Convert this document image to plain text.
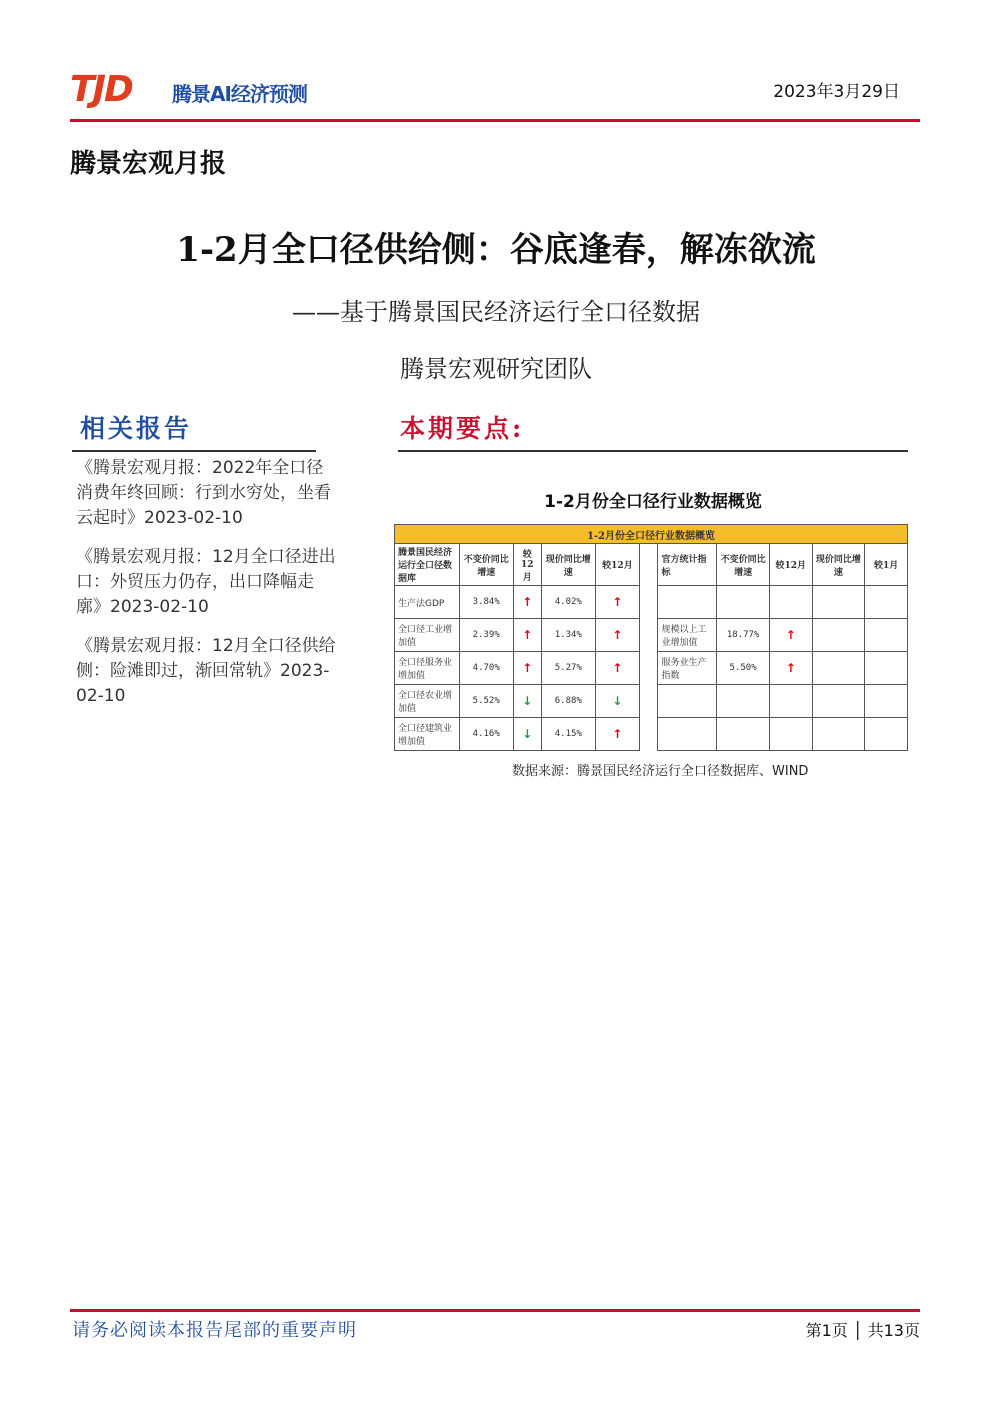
TJD 腾景AI经济预测	2023年3月29日
腾景宏观月报
1-2月全口径供给侧：谷底逢春，解冻欲流
——基于腾景国民经济运行全口径数据
腾景宏观研究团队
相关报告
《腾景宏观月报：2022年全口径消费年终回顾：行到水穷处，坐看云起时》2023-02-10
《腾景宏观月报：12月全口径进出口：外贸压力仍存，出口降幅走廓》2023-02-10
《腾景宏观月报：12月全口径供给侧：险滩即过，渐回常轨》2023-02-10
本期要点:
1-2月份全口径行业数据概览
1-2月份全口径行业数据概览										
腾景国民经济运行全口径数据库	不变价同比增速	较12月	现价同比增速	较12月		官方统计指标	不变价同比增速	较12月	现价同比增速	较1月
生产法GDP	3.84%	↑	4.02%	↑						
全口径工业增加值	2.39%	↑	1.34%	↑		规模以上工业增加值	18.77%	↑		
全口径服务业增加值	4.70%	↑	5.27%	↑		服务业生产指数	5.50%	↑		
全口径农业增加值	5.52%	↓	6.88%	↓						
全口径建筑业增加值	4.16%	↓	4.15%	↑						
数据来源：腾景国民经济运行全口径数据库、WIND
请务必阅读本报告尾部的重要声明	第1页 │ 共13页
